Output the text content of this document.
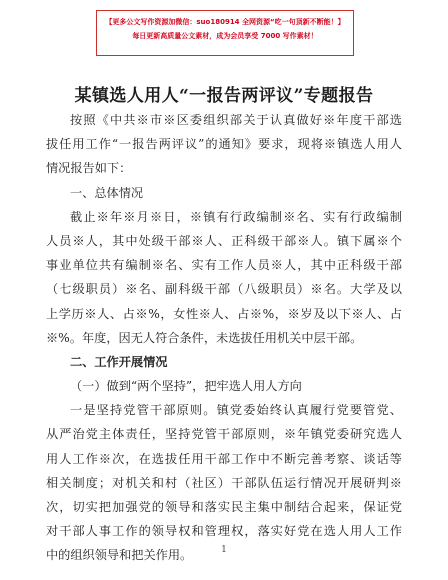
【更多公文写作资源加微信：suo180914 全网资源“吃一句顶新不断能！】
每日更新高质量公文素材，成为会员享受 7000 写作素材！
某镇选人用人“一报告两评议”专题报告
按照《中共※市※区委组织部关于认真做好※年度干部选
拔任用工作“一报告两评议”的通知》要求，现将※镇选人用人
情况报告如下：
一、总体情况
截止※年※月※日，※镇有行政编制※名、实有行政编制
人员※人，其中处级干部※人、正科级干部※人。镇下属※个
事业单位共有编制※名、实有工作人员※人，其中正科级干部
（七级职员）※名、副科级干部（八级职员）※名。大学及以
上学历※人、占※%，女性※人、占※%，※岁及以下※人、占
※%。年度，因无人符合条件，未选拔任用机关中层干部。
二、工作开展情况
（一）做到“两个坚持”，把牢选人用人方向
一是坚持党管干部原则。镇党委始终认真履行党要管党、
从严治党主体责任，坚持党管干部原则，※年镇党委研究选人
用人工作※次，在选拔任用干部工作中不断完善考察、谈话等
相关制度；对机关和村（社区）干部队伍运行情况开展研判※
次，切实把加强党的领导和落实民主集中制结合起来，保证党
对干部人事工作的领导权和管理权，落实好党在选人用人工作
中的组织领导和把关作用。	1
